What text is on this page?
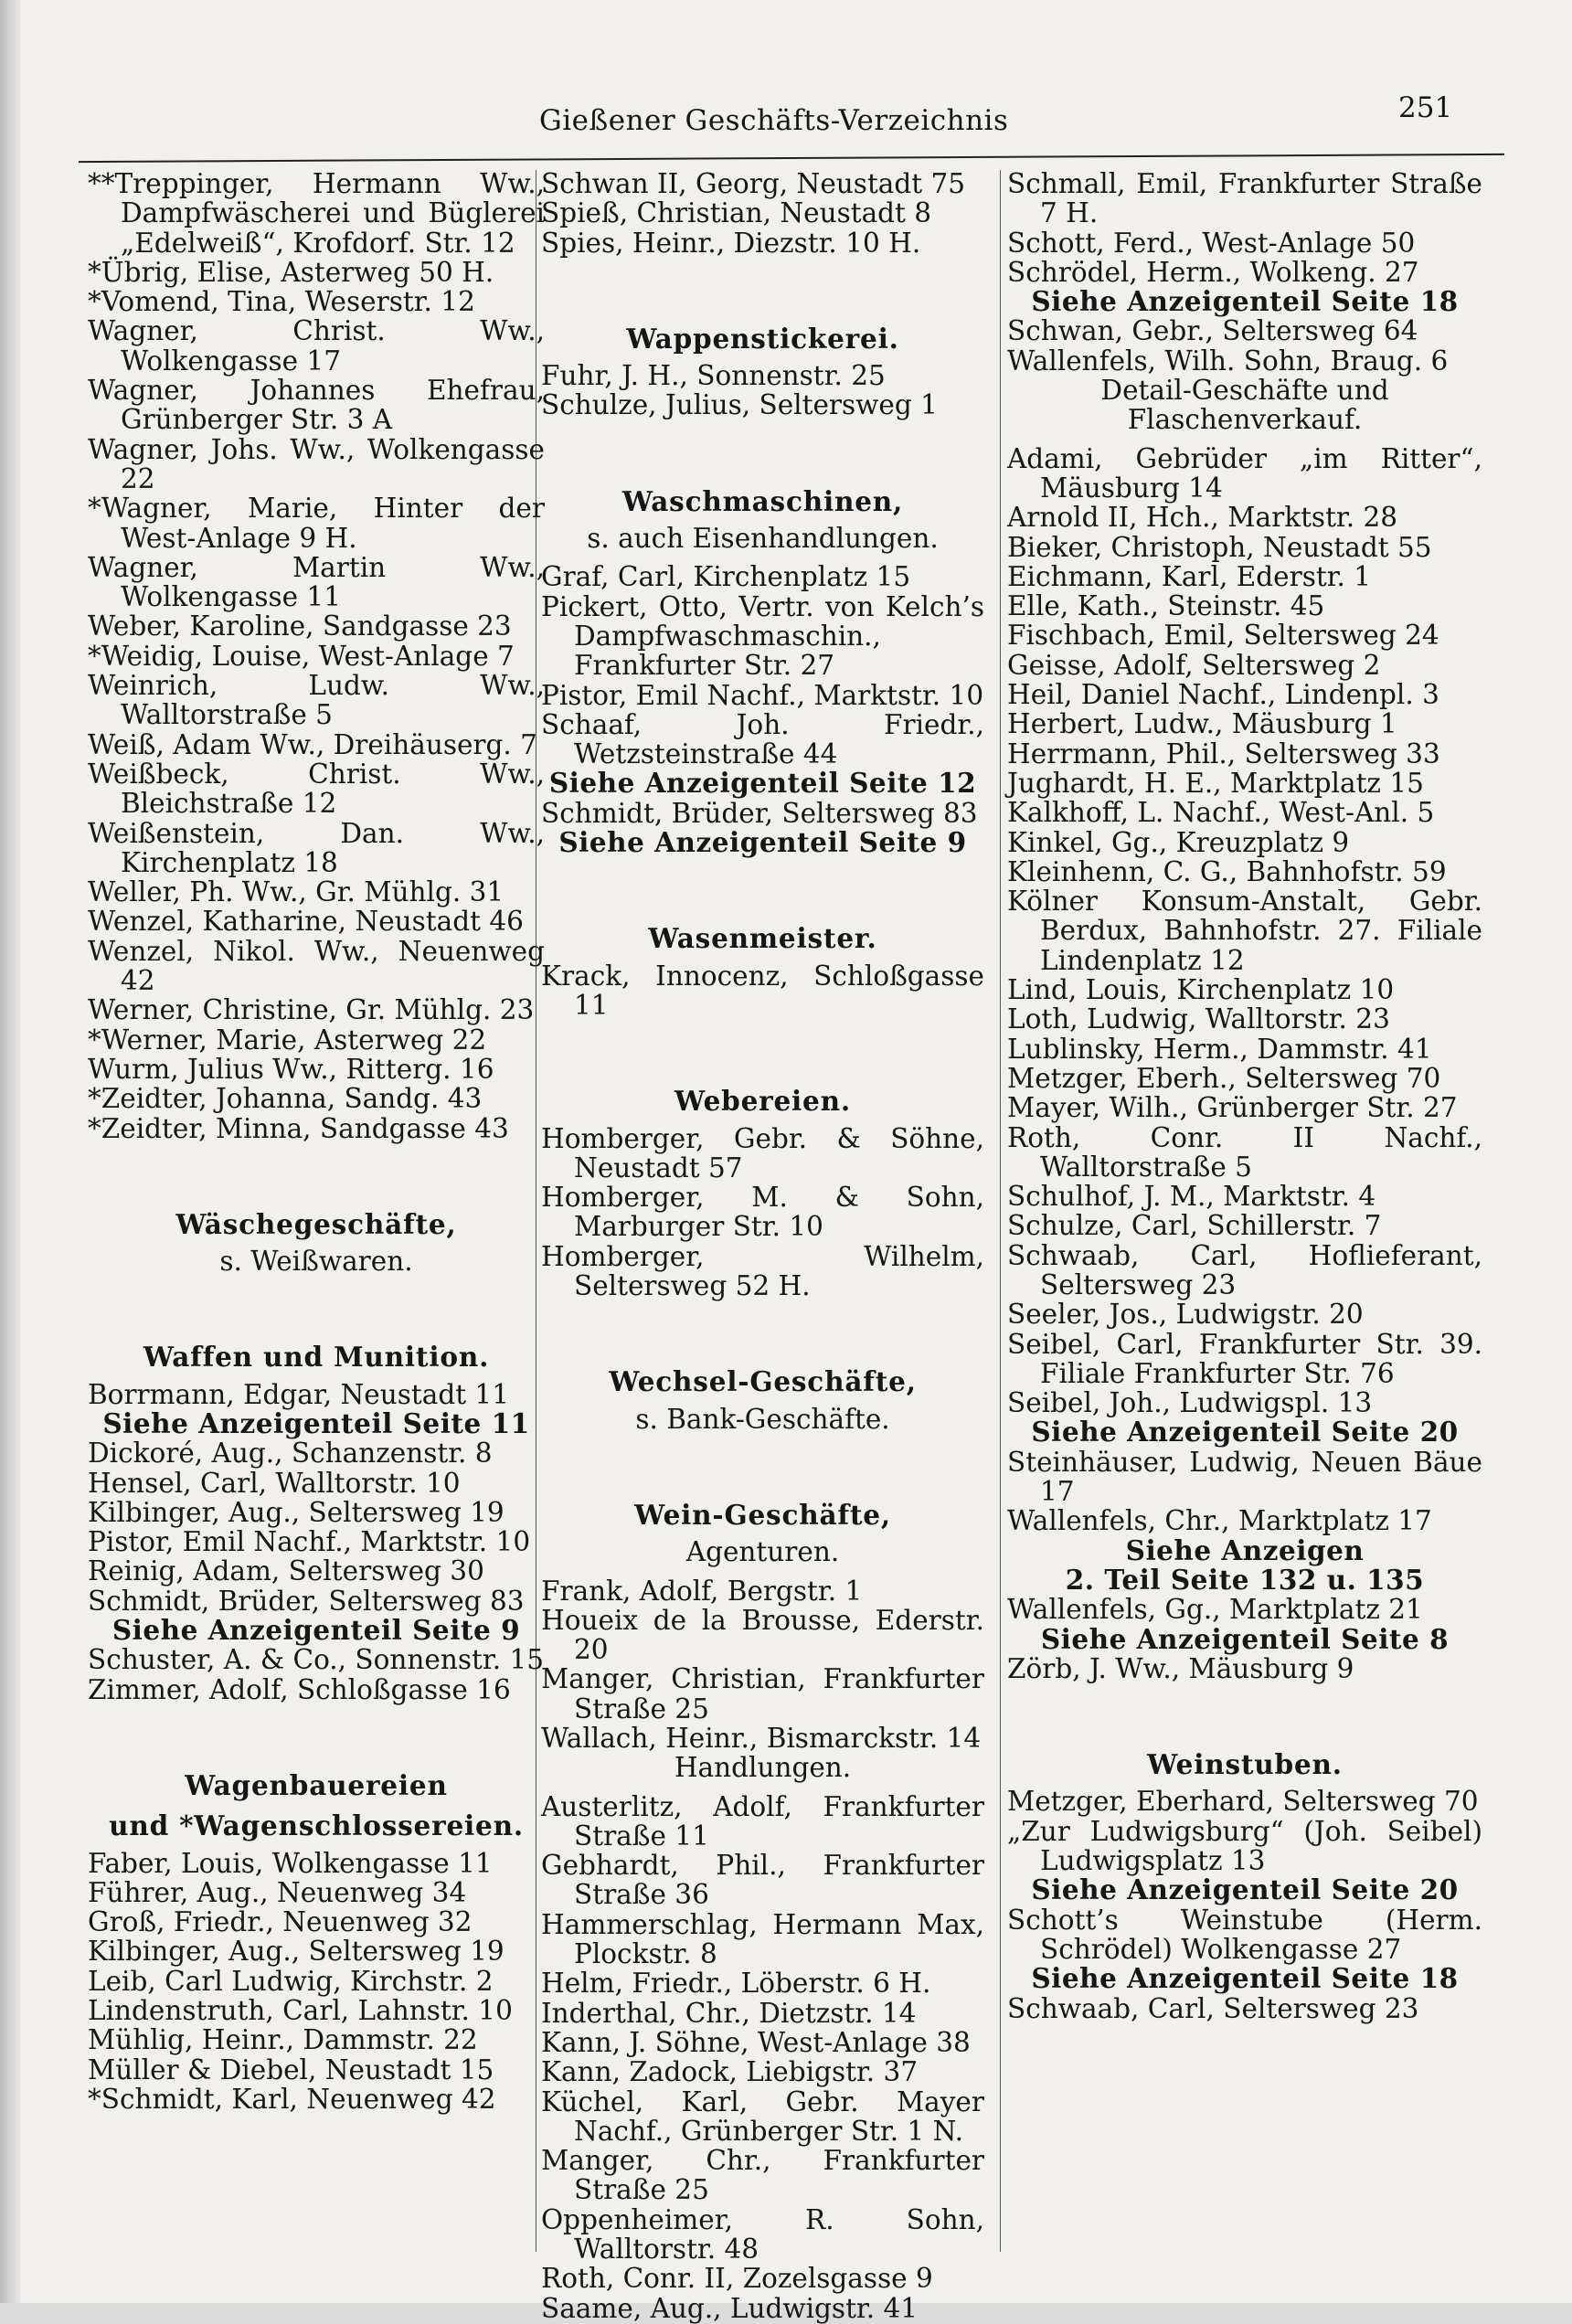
Gießener Geschäfts-Verzeichnis	251

**Treppinger, Hermann Ww., Dampfwäscherei und Büglerei „Edelweiß“, Krofdorf. Str. 12

*Übrig, Elise, Asterweg 50 H.

*Vomend, Tina, Weserstr. 12

Wagner, Christ. Ww., Wolkengasse 17

Wagner, Johannes Ehefrau, Grünberger Str. 3 A

Wagner, Johs. Ww., Wolkengasse 22

*Wagner, Marie, Hinter der West-Anlage 9 H.

Wagner, Martin Ww., Wolkengasse 11

Weber, Karoline, Sandgasse 23

*Weidig, Louise, West-Anlage 7

Weinrich, Ludw. Ww., Walltorstraße 5

Weiß, Adam Ww., Dreihäuserg. 7

Weißbeck, Christ. Ww., Bleichstraße 12

Weißenstein, Dan. Ww., Kirchenplatz 18

Weller, Ph. Ww., Gr. Mühlg. 31

Wenzel, Katharine, Neustadt 46

Wenzel, Nikol. Ww., Neuenweg 42

Werner, Christine, Gr. Mühlg. 23

*Werner, Marie, Asterweg 22

Wurm, Julius Ww., Ritterg. 16

*Zeidter, Johanna, Sandg. 43

*Zeidter, Minna, Sandgasse 43

Wäschegeschäfte,

s. Weißwaren.

Waffen und Munition.

Borrmann, Edgar, Neustadt 11

Siehe Anzeigenteil Seite 11

Dickoré, Aug., Schanzenstr. 8

Hensel, Carl, Walltorstr. 10

Kilbinger, Aug., Seltersweg 19

Pistor, Emil Nachf., Marktstr. 10

Reinig, Adam, Seltersweg 30

Schmidt, Brüder, Seltersweg 83

Siehe Anzeigenteil Seite 9

Schuster, A. & Co., Sonnenstr. 15

Zimmer, Adolf, Schloßgasse 16

Wagenbauereien

und *Wagenschlossereien.

Faber, Louis, Wolkengasse 11

Führer, Aug., Neuenweg 34

Groß, Friedr., Neuenweg 32

Kilbinger, Aug., Seltersweg 19

Leib, Carl Ludwig, Kirchstr. 2

Lindenstruth, Carl, Lahnstr. 10

Mühlig, Heinr., Dammstr. 22

Müller & Diebel, Neustadt 15

*Schmidt, Karl, Neuenweg 42

Schwan II, Georg, Neustadt 75

Spieß, Christian, Neustadt 8

Spies, Heinr., Diezstr. 10 H.

Wappenstickerei.

Fuhr, J. H., Sonnenstr. 25

Schulze, Julius, Seltersweg 1

Waschmaschinen,

s. auch Eisenhandlungen.

Graf, Carl, Kirchenplatz 15

Pickert, Otto, Vertr. von Kelch’s Dampfwaschmaschin., Frankfurter Str. 27

Pistor, Emil Nachf., Marktstr. 10

Schaaf, Joh. Friedr., Wetzsteinstraße 44

Siehe Anzeigenteil Seite 12

Schmidt, Brüder, Seltersweg 83

Siehe Anzeigenteil Seite 9

Wasenmeister.

Krack, Innocenz, Schloßgasse 11

Webereien.

Homberger, Gebr. & Söhne, Neustadt 57

Homberger, M. & Sohn, Marburger Str. 10

Homberger, Wilhelm, Seltersweg 52 H.

Wechsel-Geschäfte,

s. Bank-Geschäfte.

Wein-Geschäfte,

Agenturen.

Frank, Adolf, Bergstr. 1

Houeix de la Brousse, Ederstr. 20

Manger, Christian, Frankfurter Straße 25

Wallach, Heinr., Bismarckstr. 14

Handlungen.

Austerlitz, Adolf, Frankfurter Straße 11

Gebhardt, Phil., Frankfurter Straße 36

Hammerschlag, Hermann Max, Plockstr. 8

Helm, Friedr., Löberstr. 6 H.

Inderthal, Chr., Dietzstr. 14

Kann, J. Söhne, West-Anlage 38

Kann, Zadock, Liebigstr. 37

Küchel, Karl, Gebr. Mayer Nachf., Grünberger Str. 1 N.

Manger, Chr., Frankfurter Straße 25

Oppenheimer, R. Sohn, Walltorstr. 48

Roth, Conr. II, Zozelsgasse 9

Saame, Aug., Ludwigstr. 41

Schmall, Emil, Frankfurter Straße 7 H.

Schott, Ferd., West-Anlage 50

Schrödel, Herm., Wolkeng. 27

Siehe Anzeigenteil Seite 18

Schwan, Gebr., Seltersweg 64

Wallenfels, Wilh. Sohn, Braug. 6

Detail-Geschäfte und Flaschenverkauf.

Adami, Gebrüder „im Ritter“, Mäusburg 14

Arnold II, Hch., Marktstr. 28

Bieker, Christoph, Neustadt 55

Eichmann, Karl, Ederstr. 1

Elle, Kath., Steinstr. 45

Fischbach, Emil, Seltersweg 24

Geisse, Adolf, Seltersweg 2

Heil, Daniel Nachf., Lindenpl. 3

Herbert, Ludw., Mäusburg 1

Herrmann, Phil., Seltersweg 33

Jughardt, H. E., Marktplatz 15

Kalkhoff, L. Nachf., West-Anl. 5

Kinkel, Gg., Kreuzplatz 9

Kleinhenn, C. G., Bahnhofstr. 59

Kölner Konsum-Anstalt, Gebr. Berdux, Bahnhofstr. 27. Filiale Lindenplatz 12

Lind, Louis, Kirchenplatz 10

Loth, Ludwig, Walltorstr. 23

Lublinsky, Herm., Dammstr. 41

Metzger, Eberh., Seltersweg 70

Mayer, Wilh., Grünberger Str. 27

Roth, Conr. II Nachf., Walltorstraße 5

Schulhof, J. M., Marktstr. 4

Schulze, Carl, Schillerstr. 7

Schwaab, Carl, Hoflieferant, Seltersweg 23

Seeler, Jos., Ludwigstr. 20

Seibel, Carl, Frankfurter Str. 39. Filiale Frankfurter Str. 76

Seibel, Joh., Ludwigspl. 13

Siehe Anzeigenteil Seite 20

Steinhäuser, Ludwig, Neuen Bäue 17

Wallenfels, Chr., Marktplatz 17

Siehe Anzeigen

2. Teil Seite 132 u. 135

Wallenfels, Gg., Marktplatz 21

Siehe Anzeigenteil Seite 8

Zörb, J. Ww., Mäusburg 9

Weinstuben.

Metzger, Eberhard, Seltersweg 70

„Zur Ludwigsburg“ (Joh. Seibel) Ludwigsplatz 13

Siehe Anzeigenteil Seite 20

Schott’s Weinstube (Herm. Schrödel) Wolkengasse 27

Siehe Anzeigenteil Seite 18

Schwaab, Carl, Seltersweg 23
